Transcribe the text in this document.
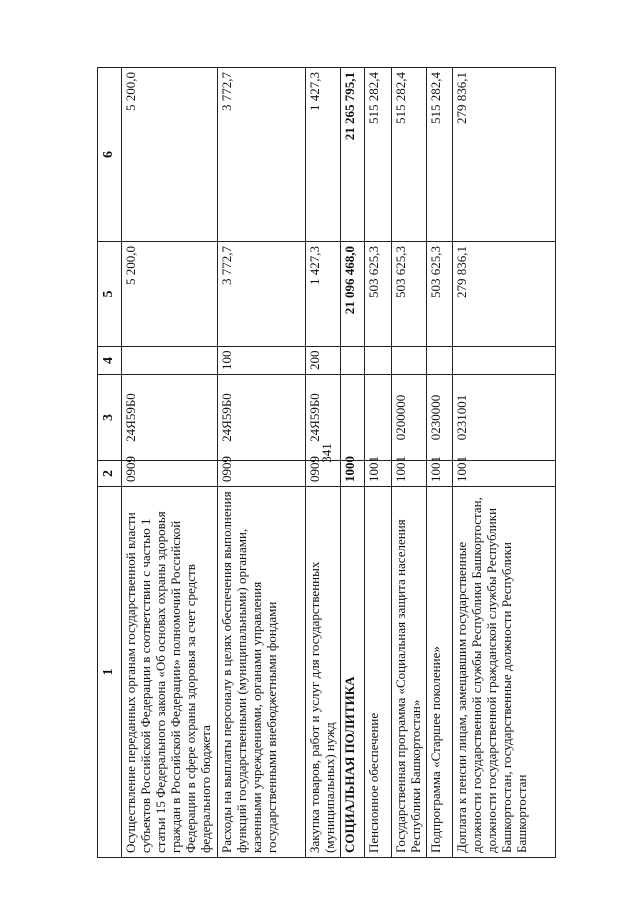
341
1	2	3	4	5	6
Осуществление переданных органам государственной власти субъектов Российской Федерации в соответствии с частью 1 статьи 15 Федерального закона «Об основах охраны здоровья граждан в Российской Федерации» полномочий Российской Федерации в сфере охраны здоровья за счет средств федерального бюджета	0909	24Я59Б0		5 200,0	5 200,0
Расходы на выплаты персоналу в целях обеспечения выполнения функций государственными (муниципальными) органами, казенными учреждениями, органами управления государственными внебюджетными фондами	0909	24Я59Б0	100	3 772,7	3 772,7
Закупка товаров, работ и услуг для государственных (муниципальных) нужд	0909	24Я59Б0	200	1 427,3	1 427,3
СОЦИАЛЬНАЯ ПОЛИТИКА	1000			21 096 468,0	21 265 795,1
Пенсионное обеспечение	1001			503 625,3	515 282,4
Государственная программа «Социальная защита населения Республики Башкортостан»	1001	0200000		503 625,3	515 282,4
Подпрограмма «Старшее поколение»	1001	0230000		503 625,3	515 282,4
Доплата к пенсии лицам, замещавшим государственные должности государственной службы Республики Башкортостан, должности государственной гражданской службы Республики Башкортостан, государственные должности Республики Башкортостан	1001	0231001		279 836,1	279 836,1
